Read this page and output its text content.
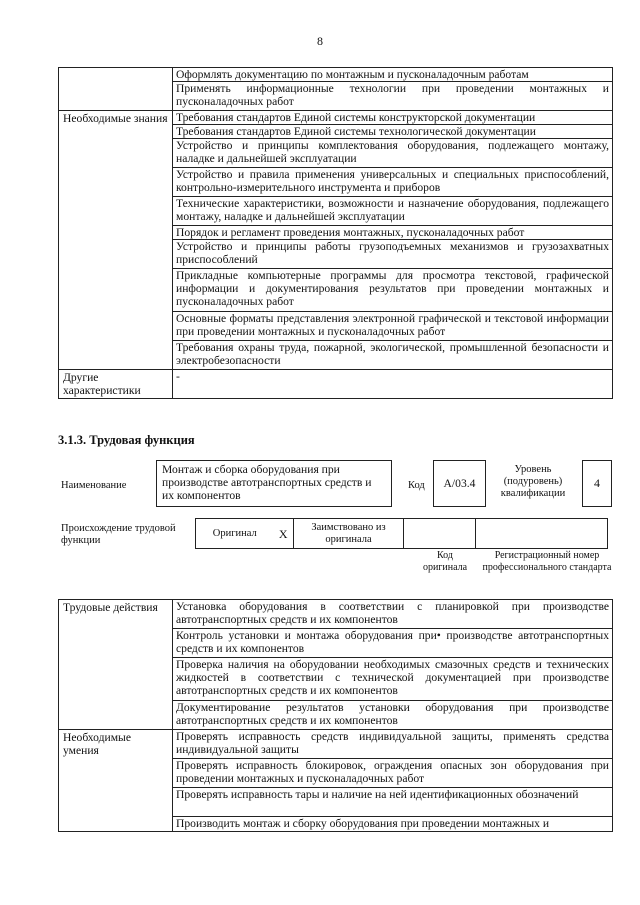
8
	Оформлять документацию по монтажным и пусконаладочным работам
	Применять информационные технологии при проведении монтажных и пусконаладочных работ
Необходимые знания	Требования стандартов Единой системы конструкторской документации
	Требования стандартов Единой системы технологической документации
	Устройство и принципы комплектования оборудования, подлежащего монтажу, наладке и дальнейшей эксплуатации
	Устройство и правила применения универсальных и специальных приспособлений, контрольно-измерительного инструмента и приборов
	Технические характеристики, возможности и назначение оборудования, подлежащего монтажу, наладке и дальнейшей эксплуатации
	Порядок и регламент проведения монтажных, пусконаладочных работ
	Устройство и принципы работы грузоподъемных механизмов и грузозахватных приспособлений
	Прикладные компьютерные программы для просмотра текстовой, графической информации и документирования результатов при проведении монтажных и пусконаладочных работ
	Основные форматы представления электронной графической и текстовой информации при проведении монтажных и пусконаладочных работ
	Требования охраны труда, пожарной, экологической, промышленной безопасности и электробезопасности
Другие характеристики	-
3.1.3. Трудовая функция
Наименование
Монтаж и сборка оборудования при производстве автотранспортных средств и их компонентов
Код А/03.4
Уровень (подуровень) квалификации
4
Происхождение трудовой функции
Оригинал	X	Заимствовано из оригинала		
Код оригинала
Регистрационный номер профессионального стандарта
Трудовые действия	Установка оборудования в соответствии с планировкой при производстве автотранспортных средств и их компонентов
	Контроль установки и монтажа оборудования при• производстве автотранспортных средств и их компонентов
	Проверка наличия на оборудовании необходимых смазочных средств и технических жидкостей в соответствии с технической документацией при производстве автотранспортных средств и их компонентов
	Документирование результатов установки оборудования при производстве автотранспортных средств и их компонентов
Необходимые умения	Проверять исправность средств индивидуальной защиты, применять средства индивидуальной защиты
	Проверять исправность блокировок, ограждения опасных зон оборудования при проведении монтажных и пусконаладочных работ
	Проверять исправность тары и наличие на ней идентификационных обозначений
	Производить монтаж и сборку оборудования при проведении монтажных и
